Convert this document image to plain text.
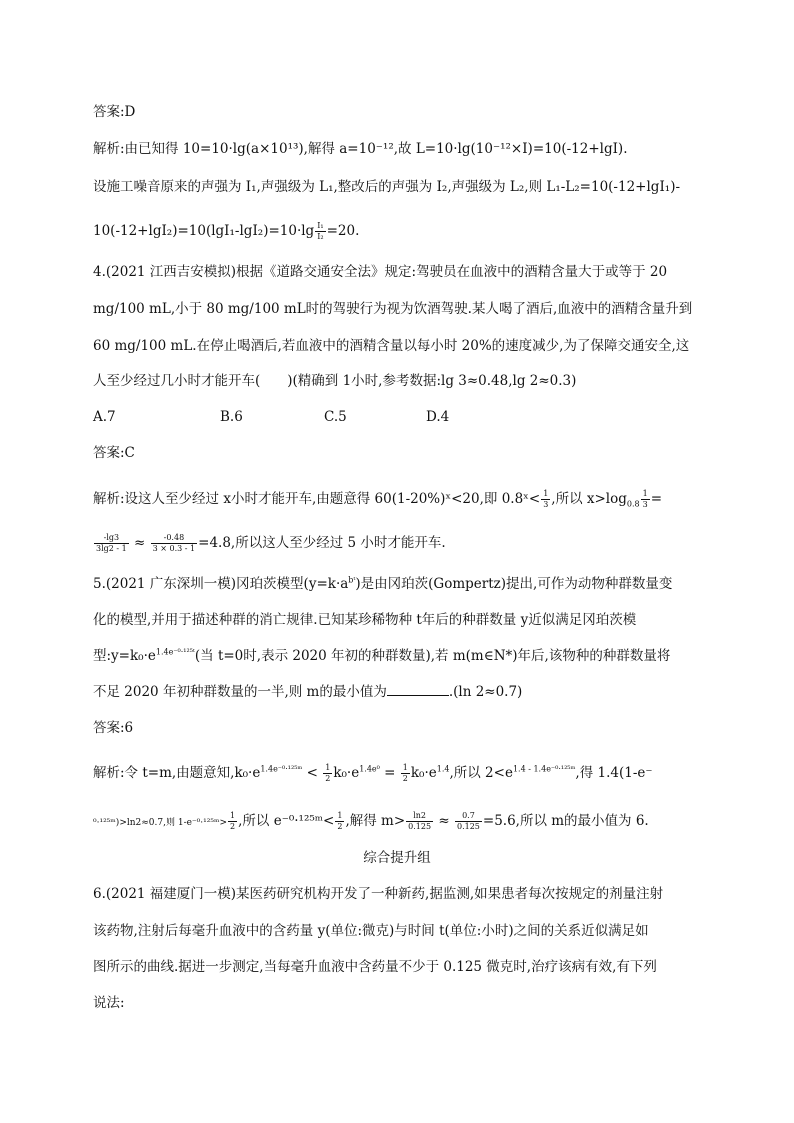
答案:D
解析:由已知得 10=10·lg(a×10¹³),解得 a=10⁻¹²,故 L=10·lg(10⁻¹²×I)=10(-12+lgI).
设施工噪音原来的声强为 I₁,声强级为 L₁,整改后的声强为 I₂,声强级为 L₂,则 L₁-L₂=10(-12+lgI₁)-
$10(-12+\lg I_2)=10(\lg I_1-\lg I_2)=10\cdot\lg \frac{\text{I₁}}{\text{I₂}} =20$.
4.(2021 江西吉安模拟)根据《道路交通安全法》规定:驾驶员在血液中的酒精含量大于或等于 20
mg/100 mL,小于 80 mg/100 mL时的驾驶行为视为饮酒驾驶.某人喝了酒后,血液中的酒精含量升到
60 mg/100 mL.在停止喝酒后,若血液中的酒精含量以每小时 20%的速度减少,为了保障交通安全,这
人至少经过几小时才能开车(　　)(精确到 1小时,参考数据:lg 3≈0.48,lg 2≈0.3)
A.7	B.6	C.5	D.4
答案:C
解析:设这人至少经过 x小时才能开车,由题意得 60(1-20%)ˣ<20,即 0.8ˣ< $\frac{1}{3}$ ,所以 $x>\log_{0.8} \frac{1}{3}$ =
$\frac{-\lg 3}{3\lg 2 - 1} \approx \frac{-0.48}{3 \times 0.3 - 1} =4.8$,所以这人至少经过 5 小时才能开车.
5.(2021 广东深圳一模)冈珀茨模型$(y=k\cdot a^{bᵗ})$是由冈珀茨(Gompertz)提出,可作为动物种群数量变
化的模型,并用于描述种群的消亡规律.已知某珍稀物种 t年后的种群数量 y近似满足冈珀茨模
型$:y=k_0\cdot e^{1.4e^{-0}\cdot^{125}ᵗ}$(当 t=0时,表示 2020 年初的种群数量),若 m(m∈N*)年后,该物种的种群数量将
不足 2020 年初种群数量的一半,则 m的最小值为	.(ln 2≈0.7)
答案:6
解析:令 t=m,由题意知$,k_0\cdot e^{1.4e^{-0}\cdot^{125}ᵐ} < \frac{1}{2} k_0\cdot e^{1.4e^0} = \frac{1}{2} k_0\cdot e^{1.4}$,所以 $2<e^{1.4 - 1.4e^{-0}\cdot^{125}ᵐ}$,得 1.4(1-e⁻
⁰·¹²⁵ᵐ)>ln2≈0.7,则 1-e⁻⁰·¹²⁵ᵐ> $\frac{1}{2}$ ,所以 e⁻⁰·¹²⁵ᵐ< $\frac{1}{2}$ ,解得 $m> \frac{\ln 2}{0.125} \approx \frac{0.7}{0.125} =5.6$,所以 m的最小值为 6.
综合提升组
6.(2021 福建厦门一模)某医药研究机构开发了一种新药,据监测,如果患者每次按规定的剂量注射
该药物,注射后每毫升血液中的含药量 y(单位:微克)与时间 t(单位:小时)之间的关系近似满足如
图所示的曲线.据进一步测定,当每毫升血液中含药量不少于 0.125 微克时,治疗该病有效,有下列
说法:
